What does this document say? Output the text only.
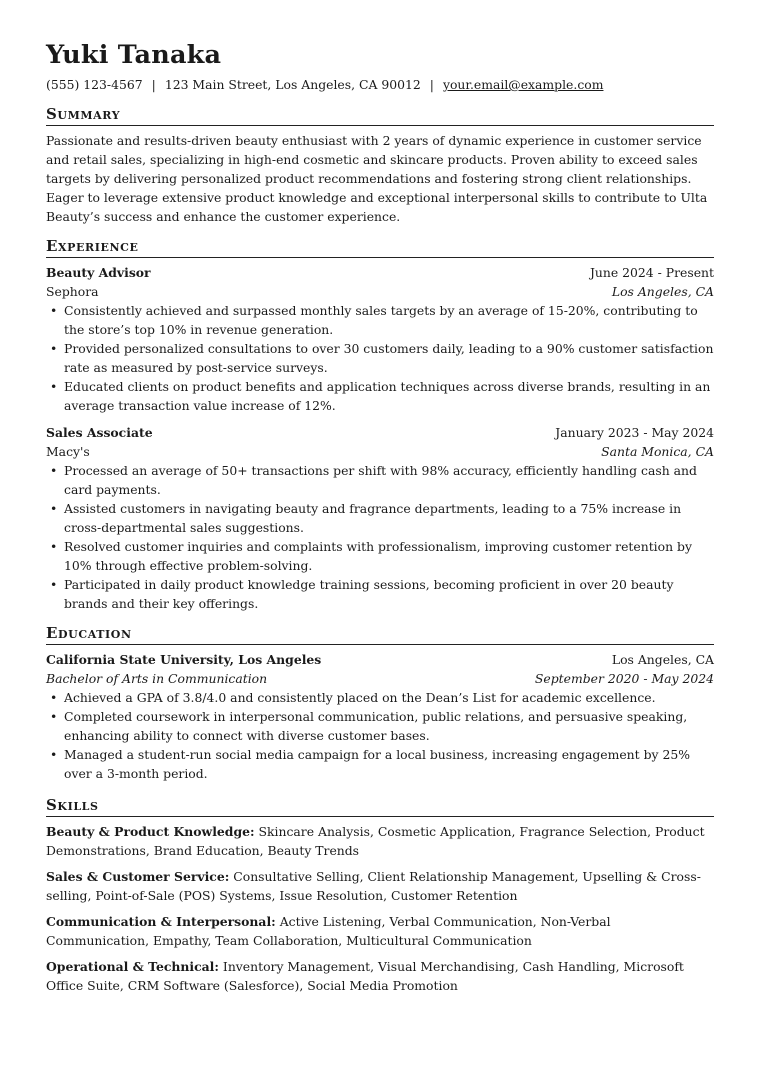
Yuki Tanaka
(555) 123-4567 | 123 Main Street, Los Angeles, CA 90012 | your.email@example.com
Summary
Passionate and results-driven beauty enthusiast with 2 years of dynamic experience in customer service and retail sales, specializing in high-end cosmetic and skincare products. Proven ability to exceed sales targets by delivering personalized product recommendations and fostering strong client relationships. Eager to leverage extensive product knowledge and exceptional interpersonal skills to contribute to Ulta Beauty’s success and enhance the customer experience.
Experience
Beauty Advisor	June 2024 - Present
Sephora	Los Angeles, CA
• Consistently achieved and surpassed monthly sales targets by an average of 15-20%, contributing to the store’s top 10% in revenue generation.
• Provided personalized consultations to over 30 customers daily, leading to a 90% customer satisfaction rate as measured by post-service surveys.
• Educated clients on product benefits and application techniques across diverse brands, resulting in an average transaction value increase of 12%.
Sales Associate	January 2023 - May 2024
Macy's	Santa Monica, CA
• Processed an average of 50+ transactions per shift with 98% accuracy, efficiently handling cash and card payments.
• Assisted customers in navigating beauty and fragrance departments, leading to a 75% increase in cross-departmental sales suggestions.
• Resolved customer inquiries and complaints with professionalism, improving customer retention by 10% through effective problem-solving.
• Participated in daily product knowledge training sessions, becoming proficient in over 20 beauty brands and their key offerings.
Education
California State University, Los Angeles	Los Angeles, CA
Bachelor of Arts in Communication	September 2020 - May 2024
• Achieved a GPA of 3.8/4.0 and consistently placed on the Dean’s List for academic excellence.
• Completed coursework in interpersonal communication, public relations, and persuasive speaking, enhancing ability to connect with diverse customer bases.
• Managed a student-run social media campaign for a local business, increasing engagement by 25% over a 3-month period.
Skills
Beauty & Product Knowledge: Skincare Analysis, Cosmetic Application, Fragrance Selection, Product Demonstrations, Brand Education, Beauty Trends
Sales & Customer Service: Consultative Selling, Client Relationship Management, Upselling & Cross-selling, Point-of-Sale (POS) Systems, Issue Resolution, Customer Retention
Communication & Interpersonal: Active Listening, Verbal Communication, Non-Verbal Communication, Empathy, Team Collaboration, Multicultural Communication
Operational & Technical: Inventory Management, Visual Merchandising, Cash Handling, Microsoft Office Suite, CRM Software (Salesforce), Social Media Promotion
